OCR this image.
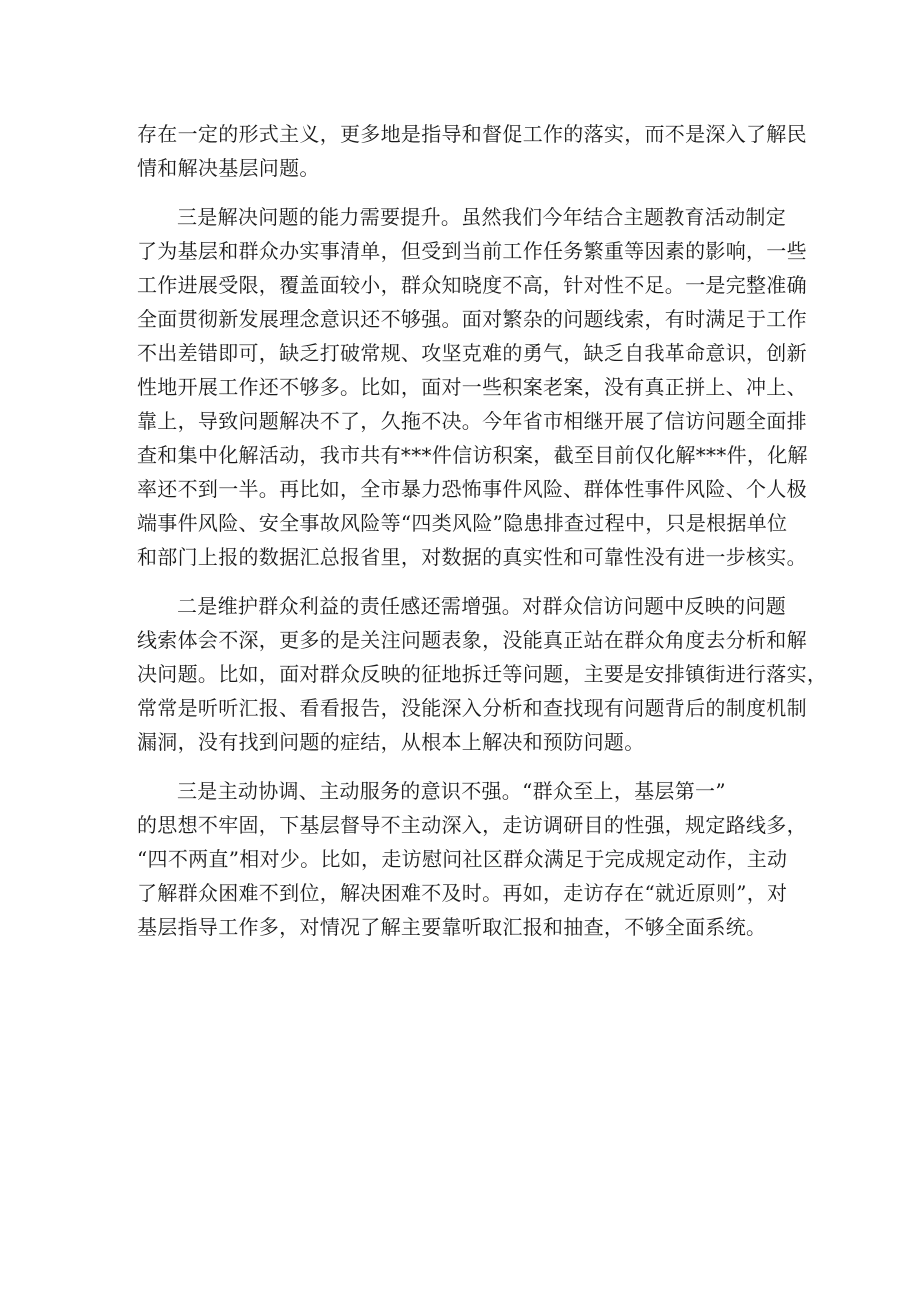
存在一定的形式主义，更多地是指导和督促工作的落实，而不是深入了解民
情和解决基层问题。

三是解决问题的能力需要提升。虽然我们今年结合主题教育活动制定
了为基层和群众办实事清单，但受到当前工作任务繁重等因素的影响，一些
工作进展受限，覆盖面较小，群众知晓度不高，针对性不足。一是完整准确
全面贯彻新发展理念意识还不够强。面对繁杂的问题线索，有时满足于工作
不出差错即可，缺乏打破常规、攻坚克难的勇气，缺乏自我革命意识，创新
性地开展工作还不够多。比如，面对一些积案老案，没有真正拼上、冲上、
靠上，导致问题解决不了，久拖不决。今年省市相继开展了信访问题全面排
查和集中化解活动，我市共有***件信访积案，截至目前仅化解***件，化解
率还不到一半。再比如，全市暴力恐怖事件风险、群体性事件风险、个人极
端事件风险、安全事故风险等“四类风险”隐患排查过程中，只是根据单位
和部门上报的数据汇总报省里，对数据的真实性和可靠性没有进一步核实。

二是维护群众利益的责任感还需增强。对群众信访问题中反映的问题
线索体会不深，更多的是关注问题表象，没能真正站在群众角度去分析和解
决问题。比如，面对群众反映的征地拆迁等问题，主要是安排镇街进行落实，
常常是听听汇报、看看报告，没能深入分析和查找现有问题背后的制度机制
漏洞，没有找到问题的症结，从根本上解决和预防问题。

三是主动协调、主动服务的意识不强。“群众至上，基层第一”
的思想不牢固，下基层督导不主动深入，走访调研目的性强，规定路线多，
“四不两直”相对少。比如，走访慰问社区群众满足于完成规定动作，主动
了解群众困难不到位，解决困难不及时。再如，走访存在“就近原则”，对
基层指导工作多，对情况了解主要靠听取汇报和抽查，不够全面系统。
